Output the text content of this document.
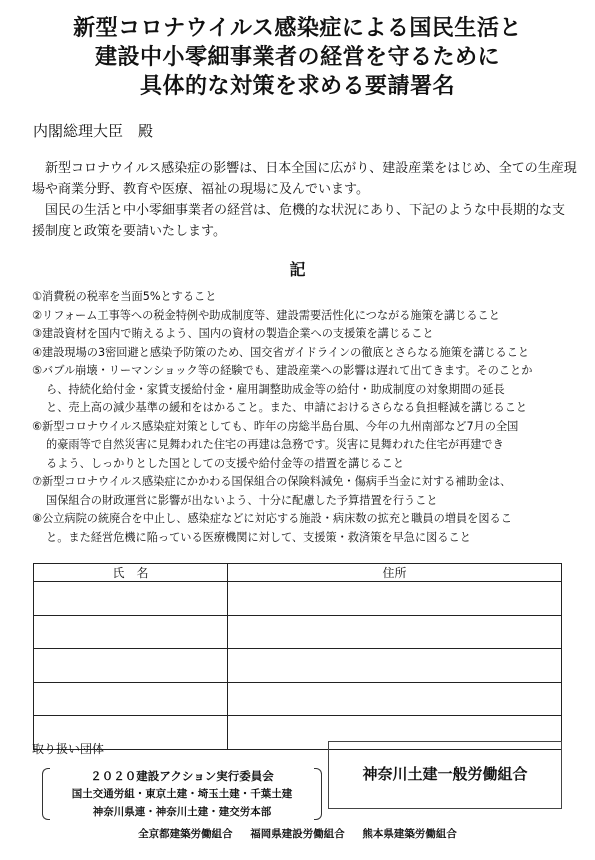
新型コロナウイルス感染症による国民生活と
建設中小零細事業者の経営を守るために
具体的な対策を求める要請署名
内閣総理大臣　殿

新型コロナウイルス感染症の影響は、日本全国に広がり、建設産業をはじめ、全ての生産現場や商業分野、教育や医療、福祉の現場に及んでいます。

国民の生活と中小零細事業者の経営は、危機的な状況にあり、下記のような中長期的な支援制度と政策を要請いたします。

記
①消費税の税率を当面5%とすること
②リフォーム工事等への税金特例や助成制度等、建設需要活性化につながる施策を講じること
③建設資材を国内で賄えるよう、国内の資材の製造企業への支援策を講じること
④建設現場の3密回避と感染予防策のため、国交省ガイドラインの徹底とさらなる施策を講じること
⑤バブル崩壊・リーマンショック等の経験でも、建設産業への影響は遅れて出てきます。そのことか
ら、持続化給付金・家賃支援給付金・雇用調整助成金等の給付・助成制度の対象期間の延長
と、売上高の減少基準の緩和をはかること。また、申請におけるさらなる負担軽減を講じること
⑥新型コロナウイルス感染症対策としても、昨年の房総半島台風、今年の九州南部など7月の全国
的豪雨等で自然災害に見舞われた住宅の再建は急務です。災害に見舞われた住宅が再建でき
るよう、しっかりとした国としての支援や給付金等の措置を講じること
⑦新型コロナウイルス感染症にかかわる国保組合の保険料減免・傷病手当金に対する補助金は、
国保組合の財政運営に影響が出ないよう、十分に配慮した予算措置を行うこと
⑧公立病院の統廃合を中止し、感染症などに対応する施設・病床数の拡充と職員の増員を図るこ
と。また経営危機に陥っている医療機関に対して、支援策・救済策を早急に図ること
氏　名	住所

取り扱い団体
２０２０建設アクション実行委員会
国土交通労組・東京土建・埼玉土建・千葉土建
神奈川県連・神奈川土建・建交労本部
神奈川土建一般労働組合
全京都建築労働組合 福岡県建設労働組合 熊本県建築労働組合
